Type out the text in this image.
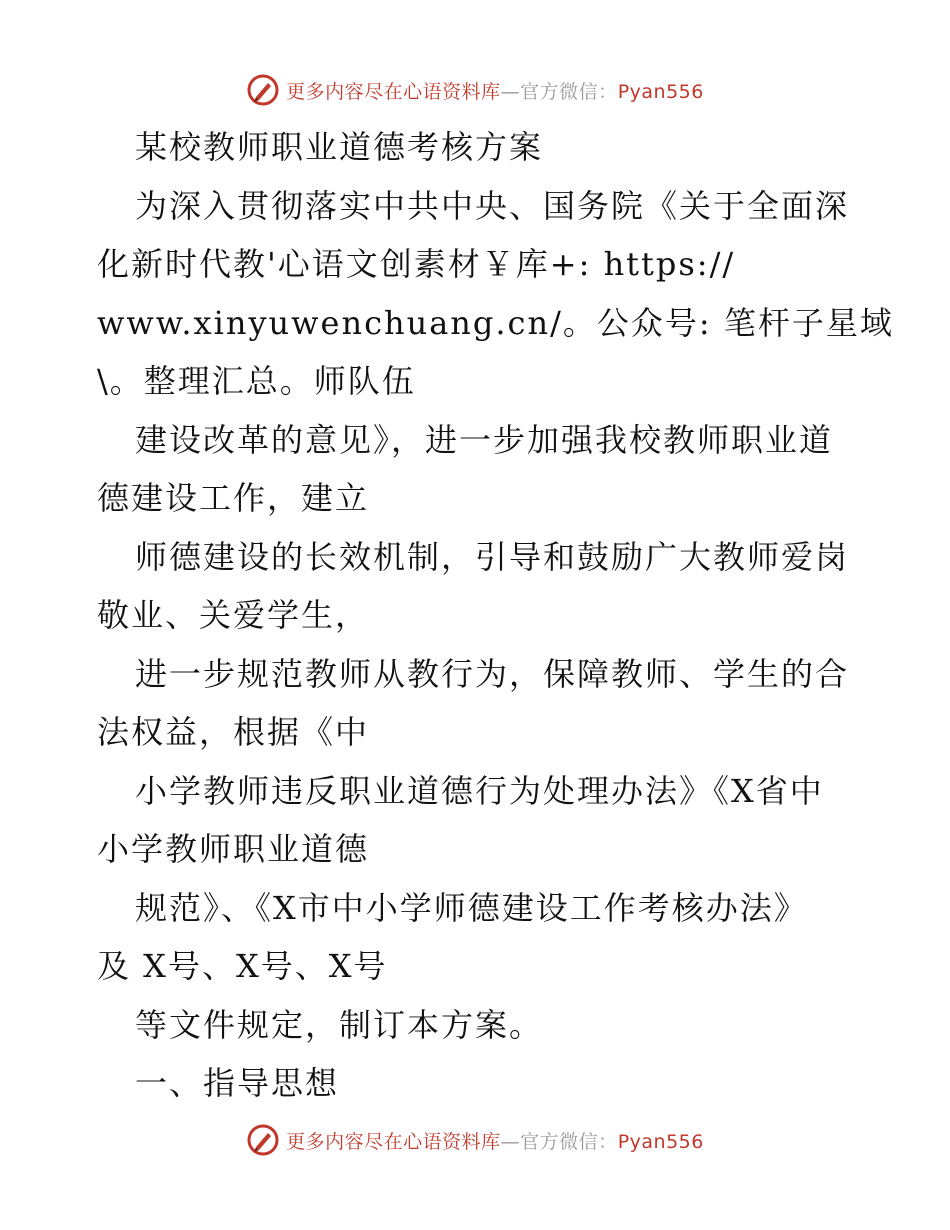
更多内容尽在心语资料库—官方微信：Pyan556
某校教师职业道德考核方案
为深入贯彻落实中共中央、国务院《关于全面深
化新时代教'心语文创素材￥库+: https://
www.xinyuwenchuang.cn/。公众号: 笔杆子星域
\。整理汇总。师队伍
建设改革的意见》，进一步加强我校教师职业道
德建设工作，建立
师德建设的长效机制，引导和鼓励广大教师爱岗
敬业、关爱学生，
进一步规范教师从教行为，保障教师、学生的合
法权益，根据《中
小学教师违反职业道德行为处理办法》《X省中
小学教师职业道德
规范》、《X市中小学师德建设工作考核办法》
及 X号、X号、X号
等文件规定，制订本方案。
一、指导思想
更多内容尽在心语资料库—官方微信：Pyan556
